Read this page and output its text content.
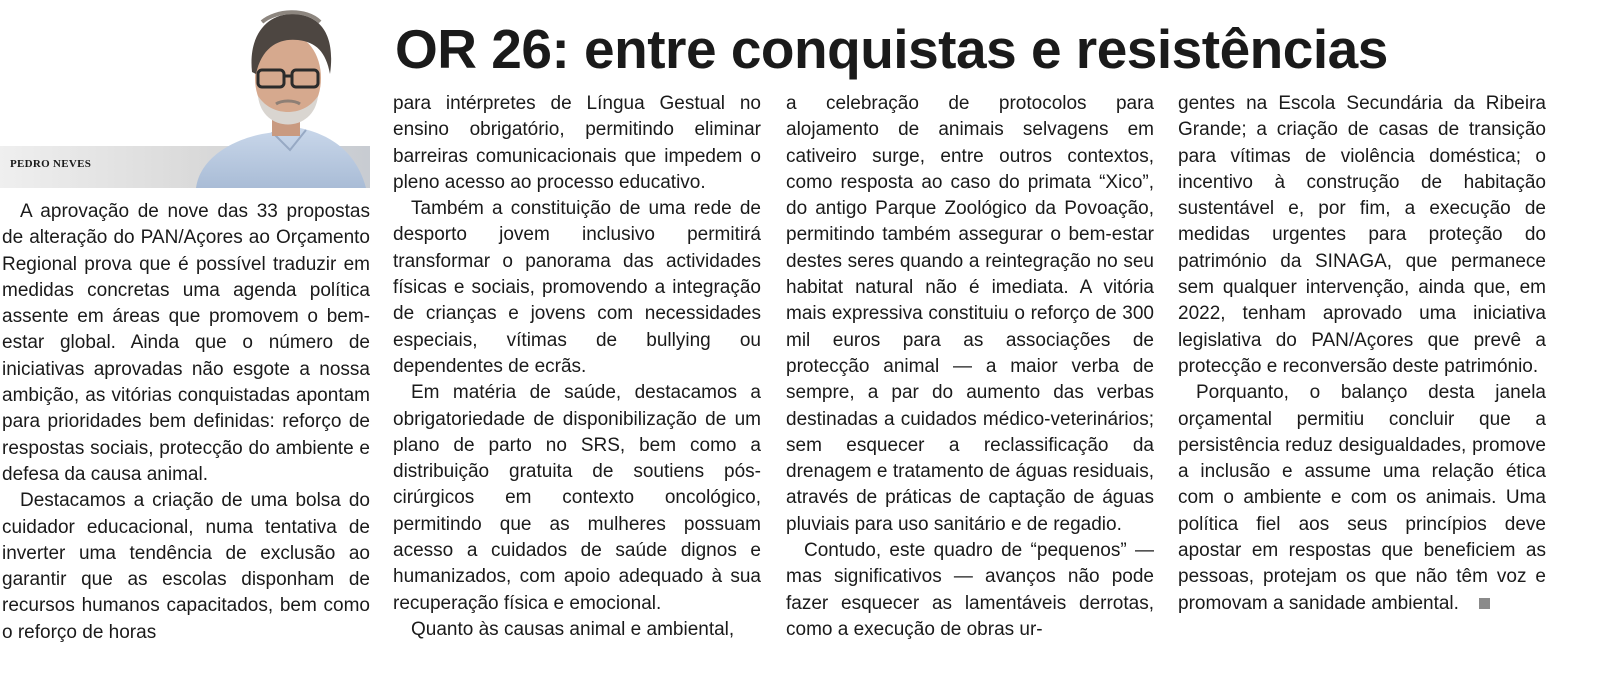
PEDRO NEVES
OR 26: entre conquistas e resistências

A aprovação de nove das 33 propostas de alteração do PAN/Açores ao Orçamento Regional prova que é possível traduzir em medidas concretas uma agenda política assente em áreas que promovem o bem-estar global. Ainda que o número de iniciativas aprovadas não esgote a nossa ambição, as vitórias conquistadas apontam para prioridades bem definidas: reforço de respostas sociais, protecção do ambiente e defesa da causa animal.

Destacamos a criação de uma bolsa do cuidador educacional, numa tentativa de inverter uma tendência de exclusão ao garantir que as escolas disponham de recursos humanos capacitados, bem como o reforço de horas

para intérpretes de Língua Gestual no ensino obrigatório, permitindo eliminar barreiras comunicacionais que impedem o pleno acesso ao processo educativo.

Também a constituição de uma rede de desporto jovem inclusivo permitirá transformar o panorama das actividades físicas e sociais, promovendo a integração de crianças e jovens com necessidades especiais, vítimas de bullying ou dependentes de ecrãs.

Em matéria de saúde, destacamos a obrigatoriedade de disponibilização de um plano de parto no SRS, bem como a distribuição gratuita de soutiens pós-cirúrgicos em contexto oncológico, permitindo que as mulheres possuam acesso a cuidados de saúde dignos e humanizados, com apoio adequado à sua recuperação física e emocional.

Quanto às causas animal e ambiental,

a celebração de protocolos para alojamento de animais selvagens em cativeiro surge, entre outros contextos, como resposta ao caso do primata “Xico”, do antigo Parque Zoológico da Povoação, permitindo também assegurar o bem-estar destes seres quando a reintegração no seu habitat natural não é imediata. A vitória mais expressiva constituiu o reforço de 300 mil euros para as associações de protecção animal — a maior verba de sempre, a par do aumento das verbas destinadas a cuidados médico-veterinários; sem esquecer a reclassificação da drenagem e tratamento de águas residuais, através de práticas de captação de águas pluviais para uso sanitário e de regadio.

Contudo, este quadro de “pequenos” — mas significativos — avanços não pode fazer esquecer as lamentáveis derrotas, como a execução de obras ur-

gentes na Escola Secundária da Ribeira Grande; a criação de casas de transição para vítimas de violência doméstica; o incentivo à construção de habitação sustentável e, por fim, a execução de medidas urgentes para proteção do património da SINAGA, que permanece sem qualquer intervenção, ainda que, em 2022, tenham aprovado uma iniciativa legislativa do PAN/Açores que prevê a protecção e reconversão deste património.

Porquanto, o balanço desta janela orçamental permitiu concluir que a persistência reduz desigualdades, promove a inclusão e assume uma relação ética com o ambiente e com os animais. Uma política fiel aos seus princípios deve apostar em respostas que beneficiem as pessoas, protejam os que não têm voz e promovam a sanidade ambiental.
